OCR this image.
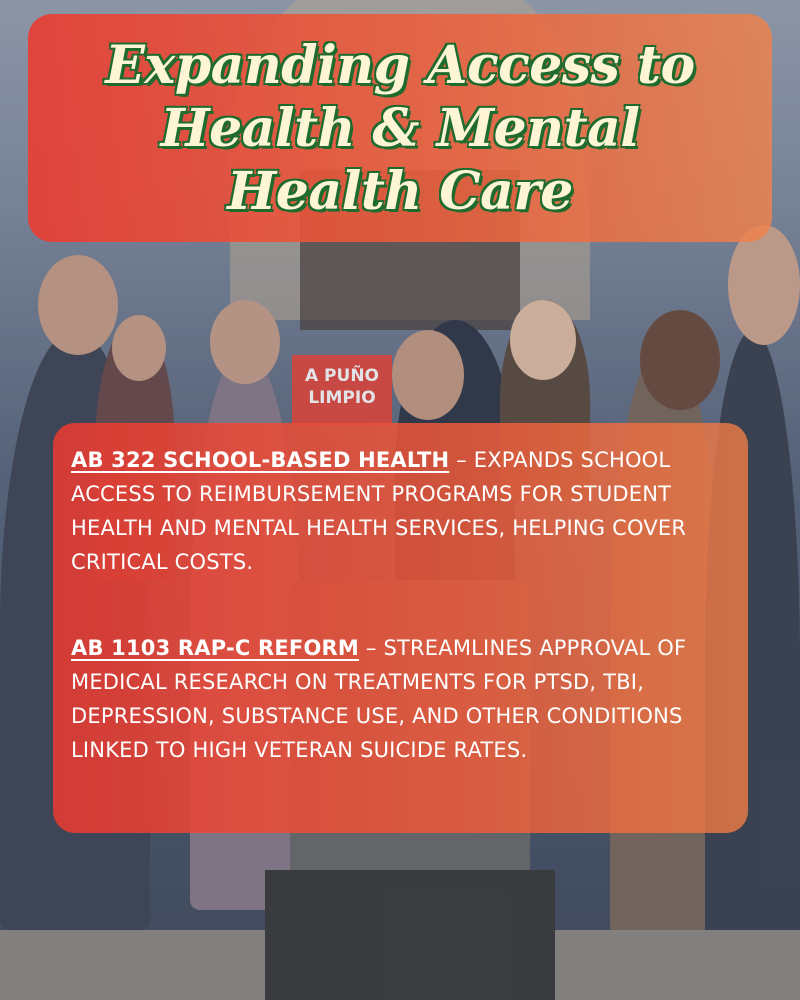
A PUÑO
LIMPIO
Expanding Access to
Health & Mental
Health Care

AB 322 SCHOOL-BASED HEALTH – EXPANDS SCHOOL ACCESS TO REIMBURSEMENT PROGRAMS FOR STUDENT HEALTH AND MENTAL HEALTH SERVICES, HELPING COVER CRITICAL COSTS.

AB 1103 RAP-C REFORM – STREAMLINES APPROVAL OF MEDICAL RESEARCH ON TREATMENTS FOR PTSD, TBI, DEPRESSION, SUBSTANCE USE, AND OTHER CONDITIONS LINKED TO HIGH VETERAN SUICIDE RATES.
